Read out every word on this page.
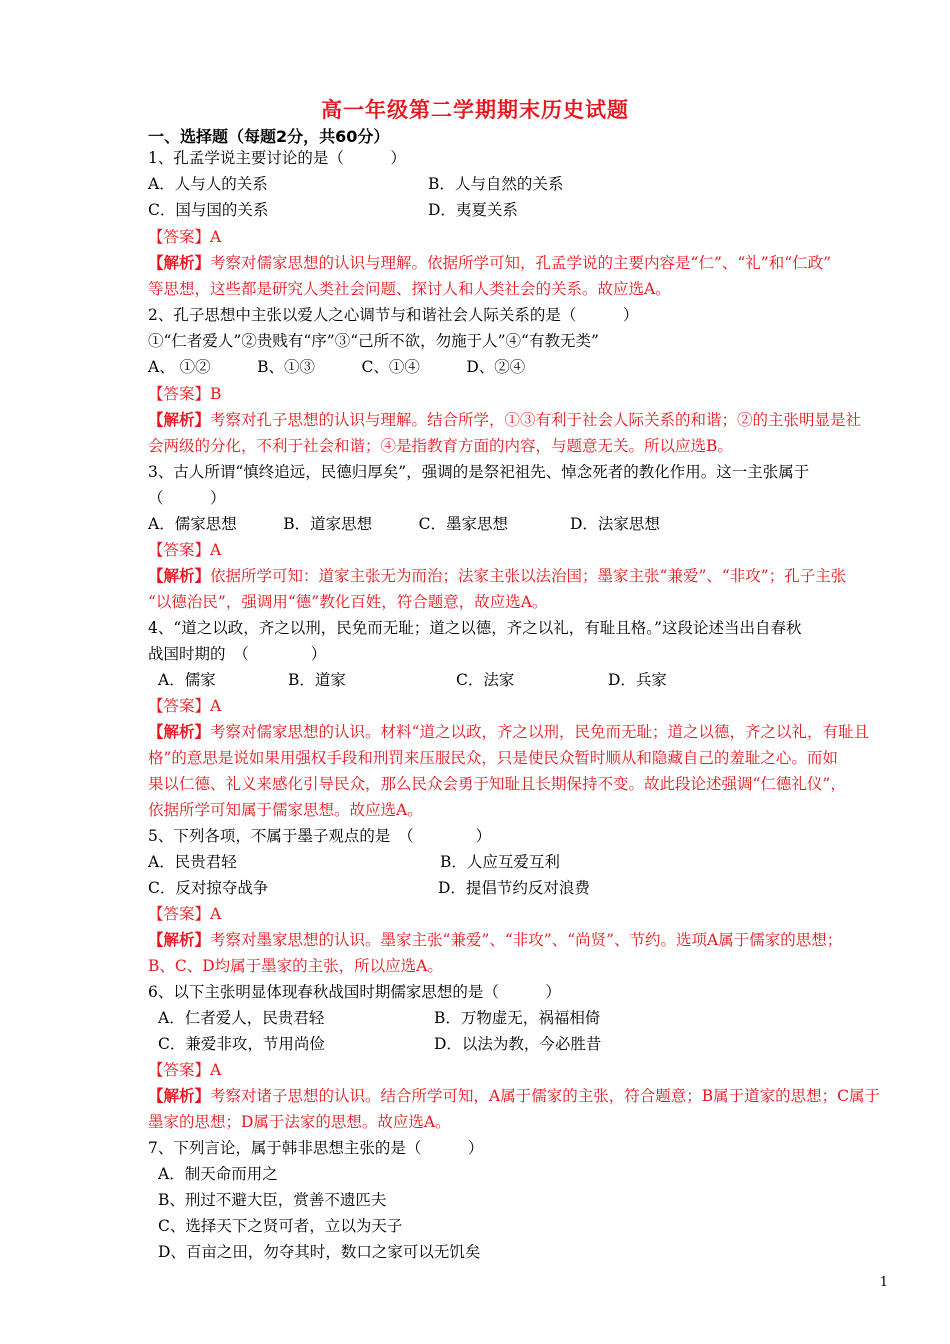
高一年级第二学期期末历史试题
一、选择题（每题2分，共60分）
1、孔孟学说主要讨论的是（　　　）
A．人与人的关系	B．人与自然的关系
C．国与国的关系	D．夷夏关系
【答案】A
【解析】考察对儒家思想的认识与理解。依据所学可知，孔孟学说的主要内容是“仁”、“礼”和“仁政”
等思想，这些都是研究人类社会问题、探讨人和人类社会的关系。故应选A。
2、孔子思想中主张以爱人之心调节与和谐社会人际关系的是（　　　）
①“仁者爱人”②贵贱有“序”③“己所不欲，勿施于人”④“有教无类”
A、 ①②　　　B、①③　　　C、①④　　　D、②④
【答案】B
【解析】考察对孔子思想的认识与理解。结合所学，①③有利于社会人际关系的和谐；②的主张明显是社
会两级的分化，不利于社会和谐；④是指教育方面的内容，与题意无关。所以应选B。
3、古人所谓“慎终追远，民德归厚矣”，强调的是祭祀祖先、悼念死者的教化作用。这一主张属于
（　　　）
A．儒家思想　　　B．道家思想　　　C．墨家思想　　　　D．法家思想
【答案】A
【解析】依据所学可知：道家主张无为而治；法家主张以法治国；墨家主张“兼爱”、“非攻”；孔子主张
“以德治民”，强调用“德”教化百姓，符合题意，故应选A。
4、“道之以政，齐之以刑，民免而无耻；道之以德，齐之以礼，有耻且格。”这段论述当出自春秋
战国时期的　（　　　　）
A．儒家	B．道家	C．法家	D．兵家
【答案】A
【解析】考察对儒家思想的认识。材料“道之以政，齐之以刑，民免而无耻；道之以德，齐之以礼，有耻且
格”的意思是说如果用强权手段和刑罚来压服民众，只是使民众暂时顺从和隐藏自己的羞耻之心。而如
果以仁德、礼义来感化引导民众，那么民众会勇于知耻且长期保持不变。故此段论述强调“仁德礼仪”，
依据所学可知属于儒家思想。故应选A。
5、下列各项，不属于墨子观点的是　（　　　　）
A．民贵君轻	B．人应互爱互利
C．反对掠夺战争	D．提倡节约反对浪费
【答案】A
【解析】考察对墨家思想的认识。墨家主张“兼爱”、“非攻”、“尚贤”、节约。选项A属于儒家的思想；
B、C、D均属于墨家的主张，所以应选A。
6、以下主张明显体现春秋战国时期儒家思想的是（　　　）
A．仁者爱人，民贵君轻	B．万物虚无，祸福相倚
C．兼爱非攻，节用尚俭	D．以法为教，今必胜昔
【答案】A
【解析】考察对诸子思想的认识。结合所学可知，A属于儒家的主张，符合题意；B属于道家的思想；C属于
墨家的思想；D属于法家的思想。故应选A。
7、下列言论，属于韩非思想主张的是（　　　）
A．制天命而用之
B、刑过不避大臣，赏善不遗匹夫
C、选择天下之贤可者，立以为天子
D、百亩之田，勿夺其时，数口之家可以无饥矣
1
